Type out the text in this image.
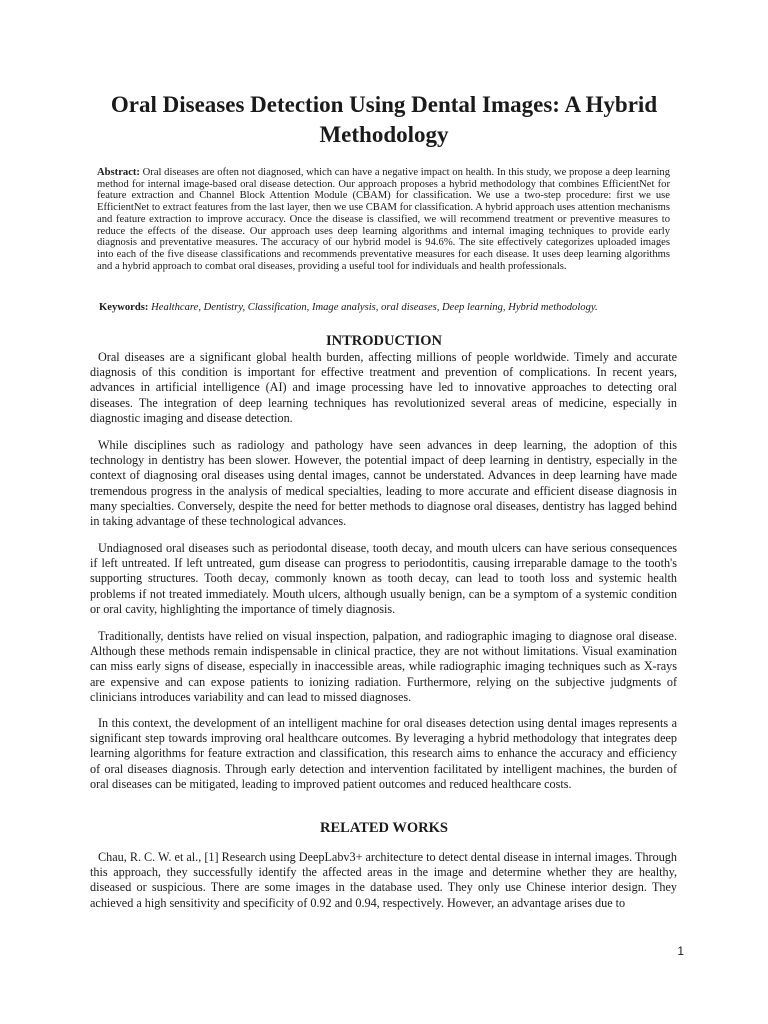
Oral Diseases Detection Using Dental Images: A Hybrid Methodology

Abstract: Oral diseases are often not diagnosed, which can have a negative impact on health. In this study, we propose a deep learning method for internal image-based oral disease detection. Our approach proposes a hybrid methodology that combines EfficientNet for feature extraction and Channel Block Attention Module (CBAM) for classification. We use a two-step procedure: first we use EfficientNet to extract features from the last layer, then we use CBAM for classification. A hybrid approach uses attention mechanisms and feature extraction to improve accuracy. Once the disease is classified, we will recommend treatment or preventive measures to reduce the effects of the disease. Our approach uses deep learning algorithms and internal imaging techniques to provide early diagnosis and preventative measures. The accuracy of our hybrid model is 94.6%. The site effectively categorizes uploaded images into each of the five disease classifications and recommends preventative measures for each disease. It uses deep learning algorithms and a hybrid approach to combat oral diseases, providing a useful tool for individuals and health professionals.

Keywords: Healthcare, Dentistry, Classification, Image analysis, oral diseases, Deep learning, Hybrid methodology.

INTRODUCTION

Oral diseases are a significant global health burden, affecting millions of people worldwide. Timely and accurate diagnosis of this condition is important for effective treatment and prevention of complications. In recent years, advances in artificial intelligence (AI) and image processing have led to innovative approaches to detecting oral diseases. The integration of deep learning techniques has revolutionized several areas of medicine, especially in diagnostic imaging and disease detection.

While disciplines such as radiology and pathology have seen advances in deep learning, the adoption of this technology in dentistry has been slower. However, the potential impact of deep learning in dentistry, especially in the context of diagnosing oral diseases using dental images, cannot be understated. Advances in deep learning have made tremendous progress in the analysis of medical specialties, leading to more accurate and efficient disease diagnosis in many specialties. Conversely, despite the need for better methods to diagnose oral diseases, dentistry has lagged behind in taking advantage of these technological advances.

Undiagnosed oral diseases such as periodontal disease, tooth decay, and mouth ulcers can have serious consequences if left untreated. If left untreated, gum disease can progress to periodontitis, causing irreparable damage to the tooth's supporting structures. Tooth decay, commonly known as tooth decay, can lead to tooth loss and systemic health problems if not treated immediately. Mouth ulcers, although usually benign, can be a symptom of a systemic condition or oral cavity, highlighting the importance of timely diagnosis.

Traditionally, dentists have relied on visual inspection, palpation, and radiographic imaging to diagnose oral disease. Although these methods remain indispensable in clinical practice, they are not without limitations. Visual examination can miss early signs of disease, especially in inaccessible areas, while radiographic imaging techniques such as X-rays are expensive and can expose patients to ionizing radiation. Furthermore, relying on the subjective judgments of clinicians introduces variability and can lead to missed diagnoses.

In this context, the development of an intelligent machine for oral diseases detection using dental images represents a significant step towards improving oral healthcare outcomes. By leveraging a hybrid methodology that integrates deep learning algorithms for feature extraction and classification, this research aims to enhance the accuracy and efficiency of oral diseases diagnosis. Through early detection and intervention facilitated by intelligent machines, the burden of oral diseases can be mitigated, leading to improved patient outcomes and reduced healthcare costs.

RELATED WORKS

Chau, R. C. W. et al., [1] Research using DeepLabv3+ architecture to detect dental disease in internal images. Through this approach, they successfully identify the affected areas in the image and determine whether they are healthy, diseased or suspicious. There are some images in the database used. They only use Chinese interior design. They achieved a high sensitivity and specificity of 0.92 and 0.94, respectively. However, an advantage arises due to

1
